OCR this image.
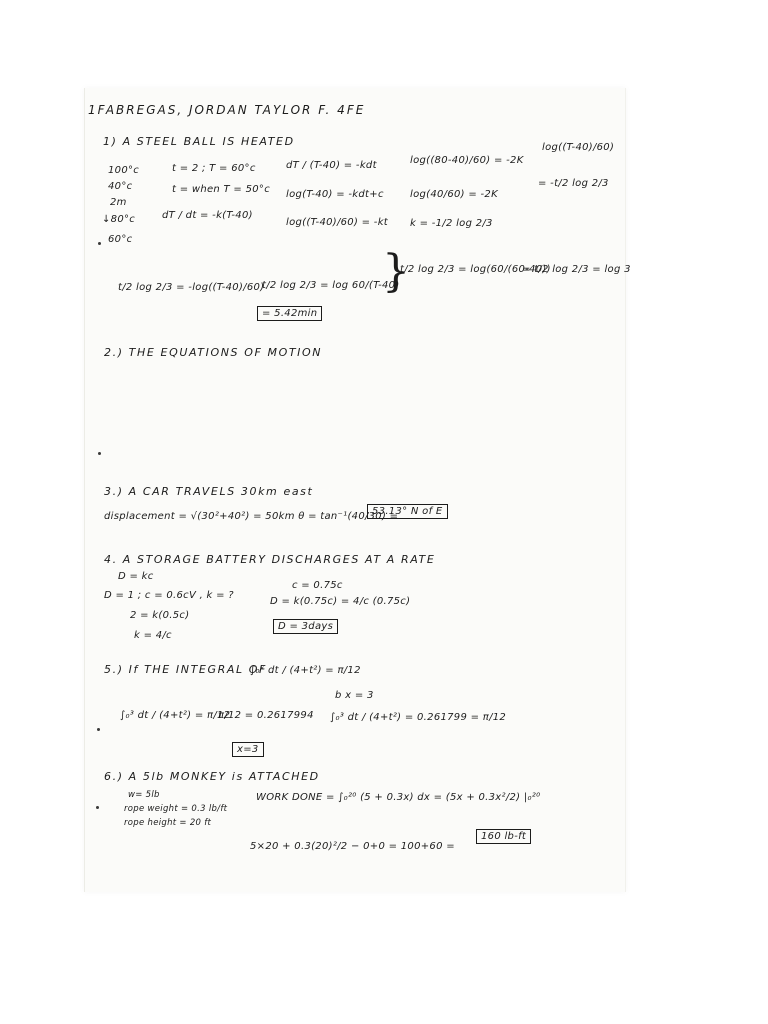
1FABREGAS, JORDAN TAYLOR F. 4FE
1) A STEEL BALL IS HEATED
100°c
40°c
2m
↓80°c
60°c
t = 2 ; T = 60°c
t = when T = 50°c
dT / dt = -k(T-40)
dT / (T-40) = -kdt
log(T-40) = -kdt+c
log((T-40)/60) = -kt
log((80-40)/60) = -2K
log(40/60) = -2K
k = -1/2 log 2/3
log((T-40)/60)
= -t/2 log 2/3
t/2 log 2/3 = -log((T-40)/60)
t/2 log 2/3 = log 60/(T-40)
}
t/2 log 2/3 = log(60/(60-40))
= t/2 log 2/3 = log 3
= 5.42min
2.) THE EQUATIONS OF MOTION
3.) A CAR TRAVELS 30km east
displacement = √(30²+40²) = 50km θ = tan⁻¹(40/30) =
53.13° N of E
4. A STORAGE BATTERY DISCHARGES AT A RATE
D = kc
D = 1 ; c = 0.6cV , k = ?
2 = k(0.5c)
k = 4/c
c = 0.75c
D = k(0.75c) = 4/c (0.75c)
D = 3days
5.) If THE INTEGRAL OF
∫₀ˣ dt / (4+t²) = π/12
∫₀³ dt / (4+t²) = π/12
π/12 = 0.2617994
b x = 3
∫₀³ dt / (4+t²) = 0.261799 = π/12
x=3
6.) A 5lb MONKEY is ATTACHED
w= 5lb
rope weight = 0.3 lb/ft
rope height = 20 ft
WORK DONE = ∫₀²⁰ (5 + 0.3x) dx = (5x + 0.3x²/2) |₀²⁰
5×20 + 0.3(20)²/2 − 0+0 = 100+60 =
160 lb-ft
